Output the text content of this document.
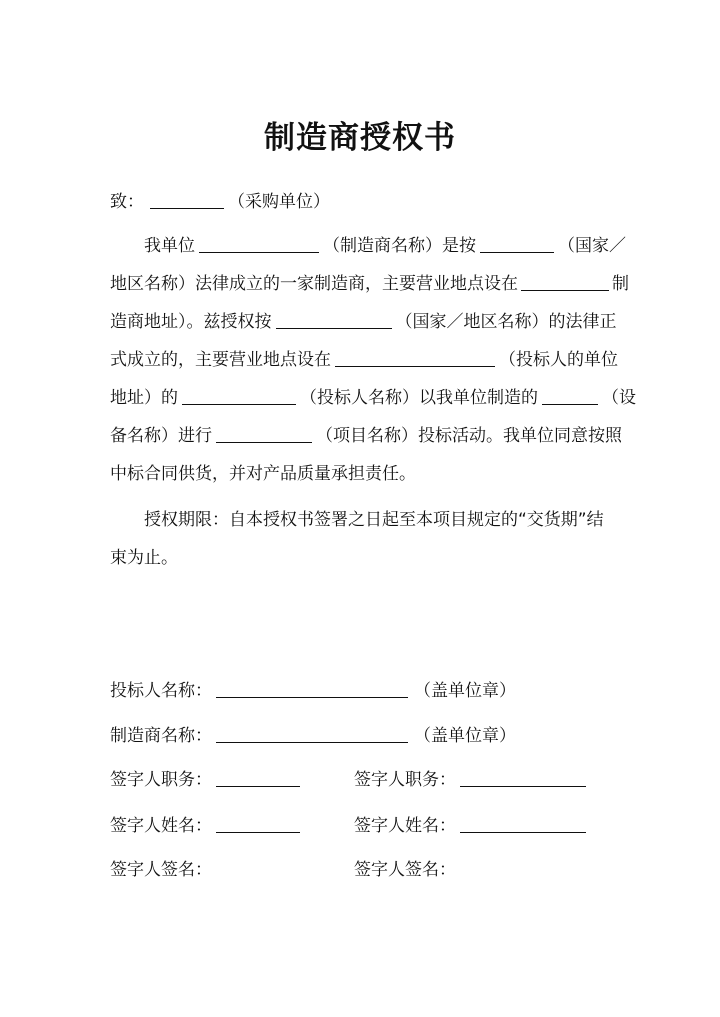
制造商授权书
致：	（采购单位）
我单位	（制造商名称）是按	（国家／
地区名称）法律成立的一家制造商，主要营业地点设在	制
造商地址）。兹授权按	（国家／地区名称）的法律正
式成立的，主要营业地点设在	（投标人的单位
地址）的	（投标人名称）以我单位制造的	（设
备名称）进行	（项目名称）投标活动。我单位同意按照
中标合同供货，并对产品质量承担责任。
授权期限：自本授权书签署之日起至本项目规定的“交货期”结
束为止。
投标人名称：	（盖单位章）
制造商名称：	（盖单位章）
签字人职务：	签字人职务：
签字人姓名：	签字人姓名：
签字人签名：	签字人签名：
